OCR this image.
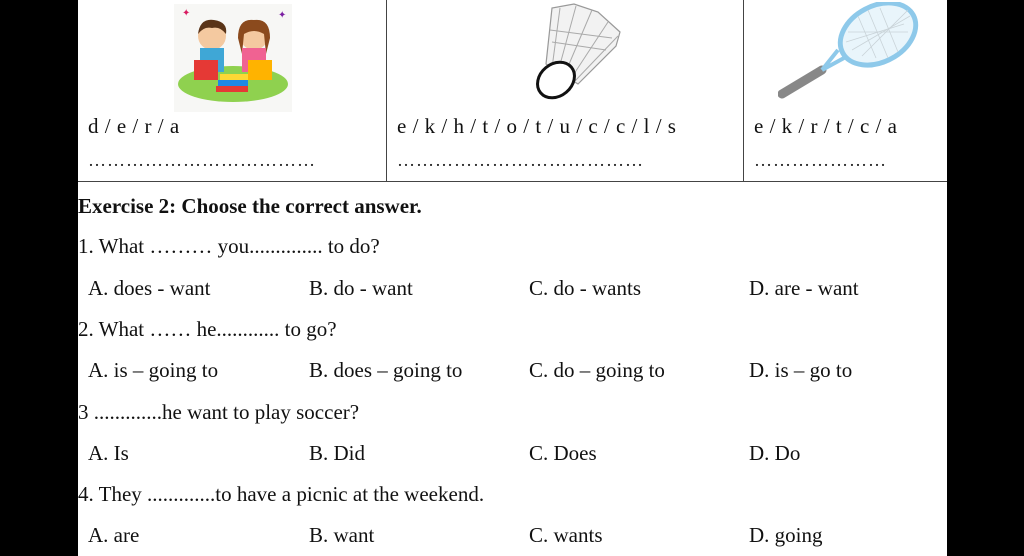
✦	✦
d / e / r / a
………………………………
e / k / h / t / o / t / u / c / c / l / s
…………………………………
e / k / r / t / c / a
…………………
Exercise 2: Choose the correct answer.
1. What ……… you.............. to do?
A. does - want	B. do - want	C. do - wants	D. are - want
2. What …… he............ to go?
A. is – going to	B. does – going to	C. do – going to	D. is – go to
3 .............he want to play soccer?
A. Is	B. Did	C. Does	D. Do
4. They .............to have a picnic at the weekend.
A. are	B. want	C. wants	D. going
